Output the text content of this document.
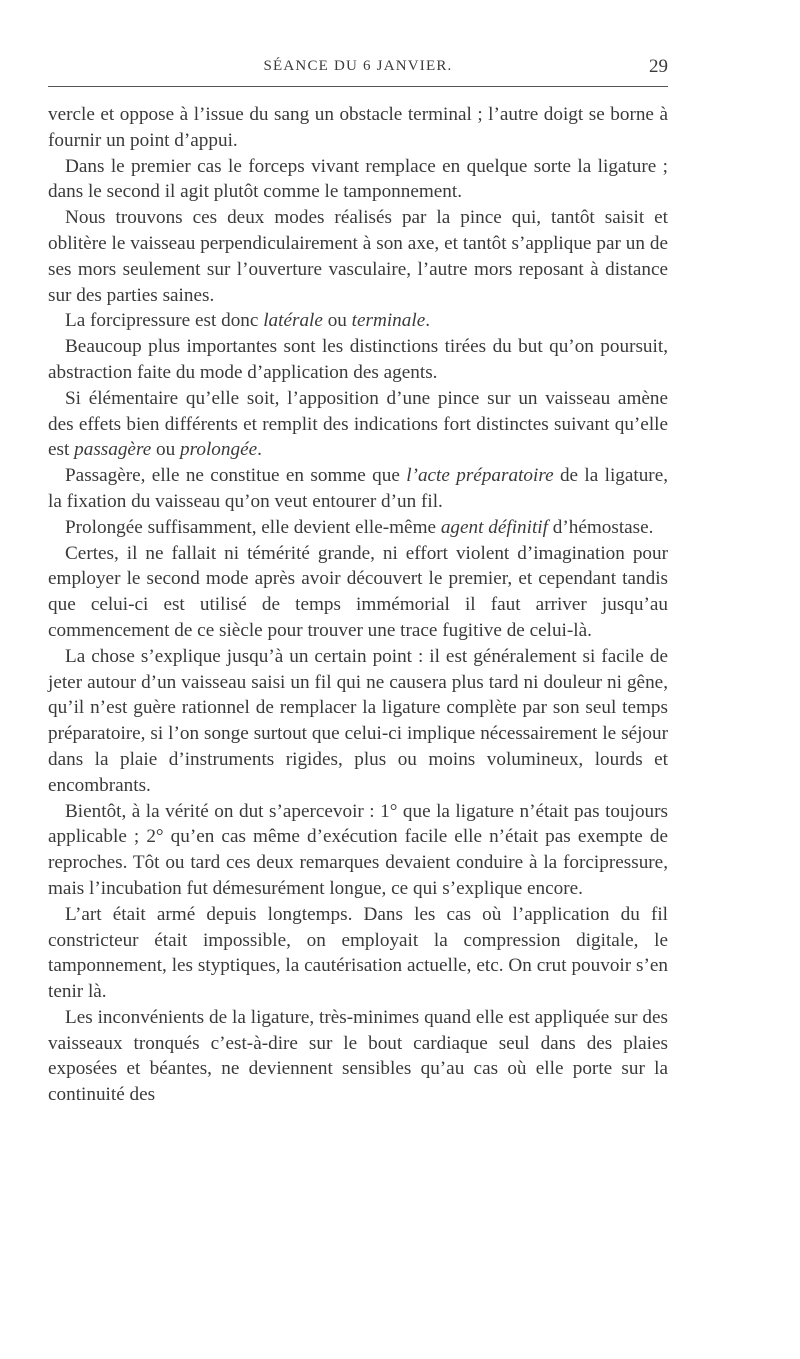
SÉANCE DU 6 JANVIER.	29

vercle et oppose à l’issue du sang un obstacle terminal ; l’autre doigt se borne à fournir un point d’appui.

Dans le premier cas le forceps vivant remplace en quelque sorte la ligature ; dans le second il agit plutôt comme le tamponnement.

Nous trouvons ces deux modes réalisés par la pince qui, tantôt saisit et oblitère le vaisseau perpendiculairement à son axe, et tantôt s’applique par un de ses mors seulement sur l’ouverture vasculaire, l’autre mors reposant à distance sur des parties saines.

La forcipressure est donc latérale ou terminale.

Beaucoup plus importantes sont les distinctions tirées du but qu’on poursuit, abstraction faite du mode d’application des agents.

Si élémentaire qu’elle soit, l’apposition d’une pince sur un vaisseau amène des effets bien différents et remplit des indications fort distinctes suivant qu’elle est passagère ou prolongée.

Passagère, elle ne constitue en somme que l’acte préparatoire de la ligature, la fixation du vaisseau qu’on veut entourer d’un fil.

Prolongée suffisamment, elle devient elle-même agent définitif d’hémostase.

Certes, il ne fallait ni témérité grande, ni effort violent d’imagination pour employer le second mode après avoir découvert le premier, et cependant tandis que celui-ci est utilisé de temps immémorial il faut arriver jusqu’au commencement de ce siècle pour trouver une trace fugitive de celui-là.

La chose s’explique jusqu’à un certain point : il est généralement si facile de jeter autour d’un vaisseau saisi un fil qui ne causera plus tard ni douleur ni gêne, qu’il n’est guère rationnel de remplacer la ligature complète par son seul temps préparatoire, si l’on songe surtout que celui-ci implique nécessairement le séjour dans la plaie d’instruments rigides, plus ou moins volumineux, lourds et encombrants.

Bientôt, à la vérité on dut s’apercevoir : 1° que la ligature n’était pas toujours applicable ; 2° qu’en cas même d’exécution facile elle n’était pas exempte de reproches. Tôt ou tard ces deux remarques devaient conduire à la forcipressure, mais l’incubation fut démesurément longue, ce qui s’explique encore.

L’art était armé depuis longtemps. Dans les cas où l’application du fil constricteur était impossible, on employait la compression digitale, le tamponnement, les styptiques, la cautérisation actuelle, etc. On crut pouvoir s’en tenir là.

Les inconvénients de la ligature, très-minimes quand elle est appliquée sur des vaisseaux tronqués c’est-à-dire sur le bout cardiaque seul dans des plaies exposées et béantes, ne deviennent sensibles qu’au cas où elle porte sur la continuité des
